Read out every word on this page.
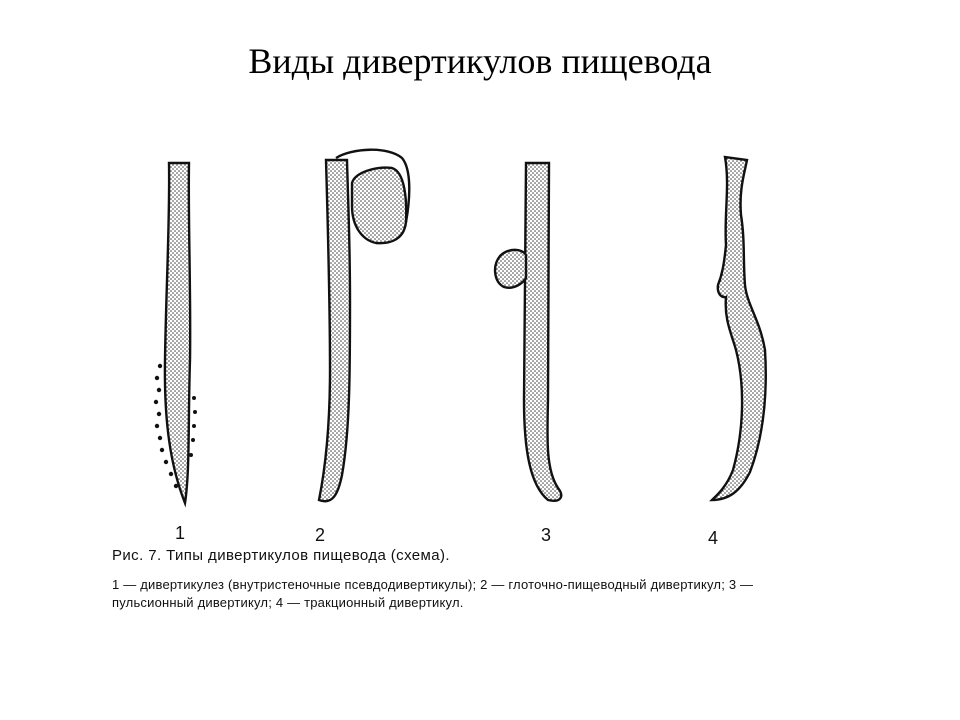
Виды дивертикулов пищевода
1	2	3	4
Рис. 7. Типы дивертикулов пищевода (схема).
1 — дивертикулез (внутристеночные псевдодивертикулы); 2 — глоточно-пищеводный дивертикул; 3 — пульсионный дивертикул; 4 — тракционный дивертикул.
